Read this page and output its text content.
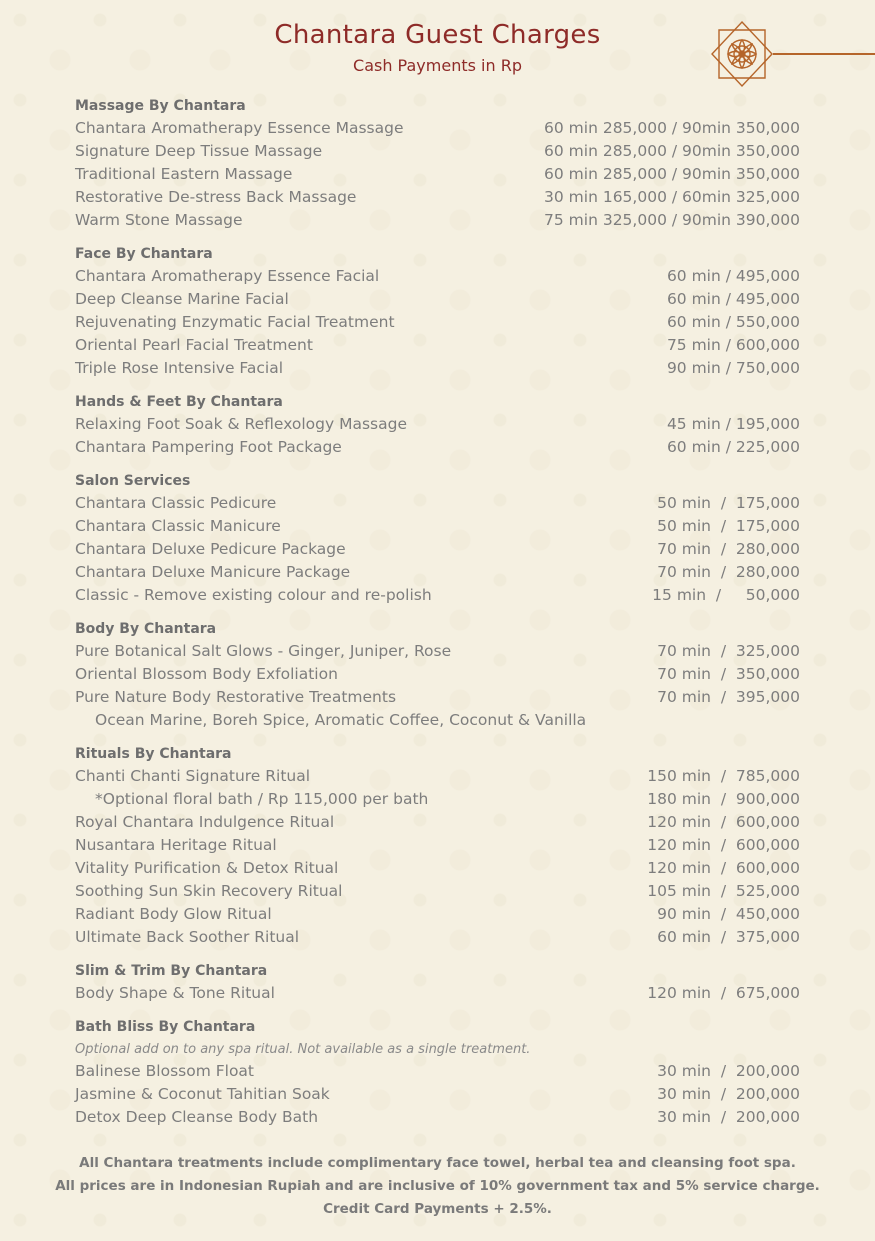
Chantara Guest Charges
Cash Payments in Rp
Massage By Chantara
Chantara Aromatherapy Essence Massage	60 min 285,000 / 90min 350,000
Signature Deep Tissue Massage	60 min 285,000 / 90min 350,000
Traditional Eastern Massage	60 min 285,000 / 90min 350,000
Restorative De-stress Back Massage	30 min 165,000 / 60min 325,000
Warm Stone Massage	75 min 325,000 / 90min 390,000
Face By Chantara
Chantara Aromatherapy Essence Facial	60 min / 495,000
Deep Cleanse Marine Facial	60 min / 495,000
Rejuvenating Enzymatic Facial Treatment	60 min / 550,000
Oriental Pearl Facial Treatment	75 min / 600,000
Triple Rose Intensive Facial	90 min / 750,000
Hands & Feet By Chantara
Relaxing Foot Soak & Reflexology Massage	45 min / 195,000
Chantara Pampering Foot Package	60 min / 225,000
Salon Services
Chantara Classic Pedicure	50 min  /  175,000
Chantara Classic Manicure	50 min  /  175,000
Chantara Deluxe Pedicure Package	70 min  /  280,000
Chantara Deluxe Manicure Package	70 min  /  280,000
Classic - Remove existing colour and re-polish	15 min  /     50,000
Body By Chantara
Pure Botanical Salt Glows - Ginger, Juniper, Rose	70 min  /  325,000
Oriental Blossom Body Exfoliation	70 min  /  350,000
Pure Nature Body Restorative Treatments	70 min  /  395,000
Ocean Marine, Boreh Spice, Aromatic Coffee, Coconut & Vanilla
Rituals By Chantara
Chanti Chanti Signature Ritual	150 min  /  785,000
*Optional floral bath / Rp 115,000 per bath	180 min  /  900,000
Royal Chantara Indulgence Ritual	120 min  /  600,000
Nusantara Heritage Ritual	120 min  /  600,000
Vitality Purification & Detox Ritual	120 min  /  600,000
Soothing Sun Skin Recovery Ritual	105 min  /  525,000
Radiant Body Glow Ritual	90 min  /  450,000
Ultimate Back Soother Ritual	60 min  /  375,000
Slim & Trim By Chantara
Body Shape & Tone Ritual	120 min  /  675,000
Bath Bliss By Chantara
Optional add on to any spa ritual. Not available as a single treatment.
Balinese Blossom Float	30 min  /  200,000
Jasmine & Coconut Tahitian Soak	30 min  /  200,000
Detox Deep Cleanse Body Bath	30 min  /  200,000
All Chantara treatments include complimentary face towel, herbal tea and cleansing foot spa.
All prices are in Indonesian Rupiah and are inclusive of 10% government tax and 5% service charge.
Credit Card Payments + 2.5%.
